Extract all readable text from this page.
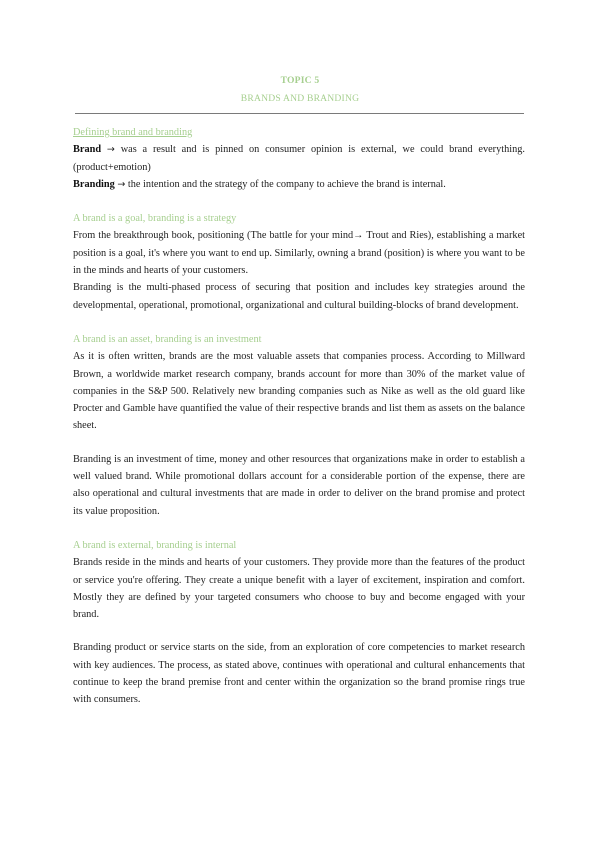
TOPIC 5
BRANDS AND BRANDING
Defining brand and branding

Brand → was a result and is pinned on consumer opinion is external, we could brand everything. (product+emotion)

Branding → the intention and the strategy of the company to achieve the brand is internal.

A brand is a goal, branding is a strategy

From the breakthrough book, positioning (The battle for your mind→ Trout and Ries), establishing a market position is a goal, it's where you want to end up. Similarly, owning a brand (position) is where you want to be in the minds and hearts of your customers.

Branding is the multi-phased process of securing that position and includes key strategies around the developmental, operational, promotional, organizational and cultural building-blocks of brand development.

A brand is an asset, branding is an investment

As it is often written, brands are the most valuable assets that companies process. According to Millward Brown, a worldwide market research company, brands account for more than 30% of the market value of companies in the S&P 500. Relatively new branding companies such as Nike as well as the old guard like Procter and Gamble have quantified the value of their respective brands and list them as assets on the balance sheet.

Branding is an investment of time, money and other resources that organizations make in order to establish a well valued brand. While promotional dollars account for a considerable portion of the expense, there are also operational and cultural investments that are made in order to deliver on the brand promise and protect its value proposition.

A brand is external, branding is internal

Brands reside in the minds and hearts of your customers. They provide more than the features of the product or service you're offering. They create a unique benefit with a layer of excitement, inspiration and comfort. Mostly they are defined by your targeted consumers who choose to buy and become engaged with your brand.

Branding product or service starts on the side, from an exploration of core competencies to market research with key audiences. The process, as stated above, continues with operational and cultural enhancements that continue to keep the brand premise front and center within the organization so the brand promise rings true with consumers.
